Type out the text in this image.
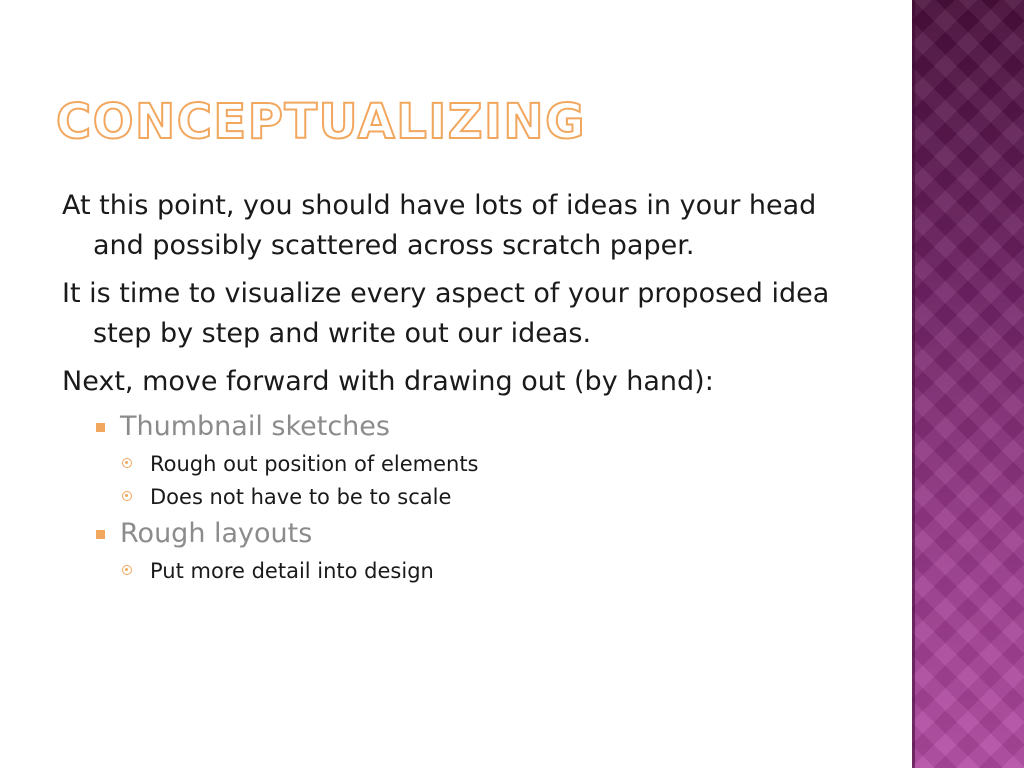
CONCEPTUALIZING

At this point, you should have lots of ideas in your head and possibly scattered across scratch paper.

It is time to visualize every aspect of your proposed idea step by step and write out our ideas.

Next, move forward with drawing out (by hand):

Thumbnail sketches
Rough out position of elements
Does not have to be to scale
Rough layouts
Put more detail into design
